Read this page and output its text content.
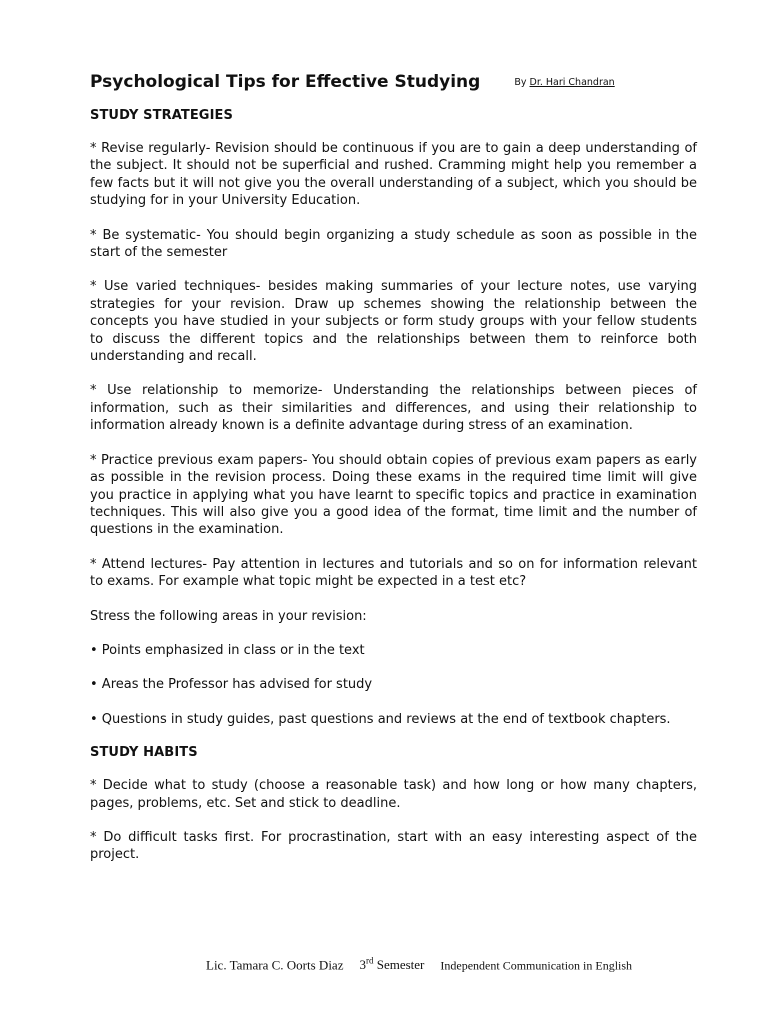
Psychological Tips for Effective Studying	By Dr. Hari Chandran
STUDY STRATEGIES

* Revise regularly- Revision should be continuous if you are to gain a deep understanding of the subject. It should not be superficial and rushed. Cramming might help you remember a few facts but it will not give you the overall understanding of a subject, which you should be studying for in your University Education.

* Be systematic- You should begin organizing a study schedule as soon as possible in the start of the semester

* Use varied techniques- besides making summaries of your lecture notes, use varying strategies for your revision. Draw up schemes showing the relationship between the concepts you have studied in your subjects or form study groups with your fellow students to discuss the different topics and the relationships between them to reinforce both understanding and recall.

* Use relationship to memorize- Understanding the relationships between pieces of information, such as their similarities and differences, and using their relationship to information already known is a definite advantage during stress of an examination.

* Practice previous exam papers- You should obtain copies of previous exam papers as early as possible in the revision process. Doing these exams in the required time limit will give you practice in applying what you have learnt to specific topics and practice in examination techniques. This will also give you a good idea of the format, time limit and the number of questions in the examination.

* Attend lectures- Pay attention in lectures and tutorials and so on for information relevant to exams. For example what topic might be expected in a test etc?

Stress the following areas in your revision:

• Points emphasized in class or in the text

• Areas the Professor has advised for study

• Questions in study guides, past questions and reviews at the end of textbook chapters.

STUDY HABITS

* Decide what to study (choose a reasonable task) and how long or how many chapters, pages, problems, etc. Set and stick to deadline.

* Do difficult tasks first. For procrastination, start with an easy interesting aspect of the project.

Lic. Tamara C. Oorts Diaz 3rd Semester Independent Communication in English
